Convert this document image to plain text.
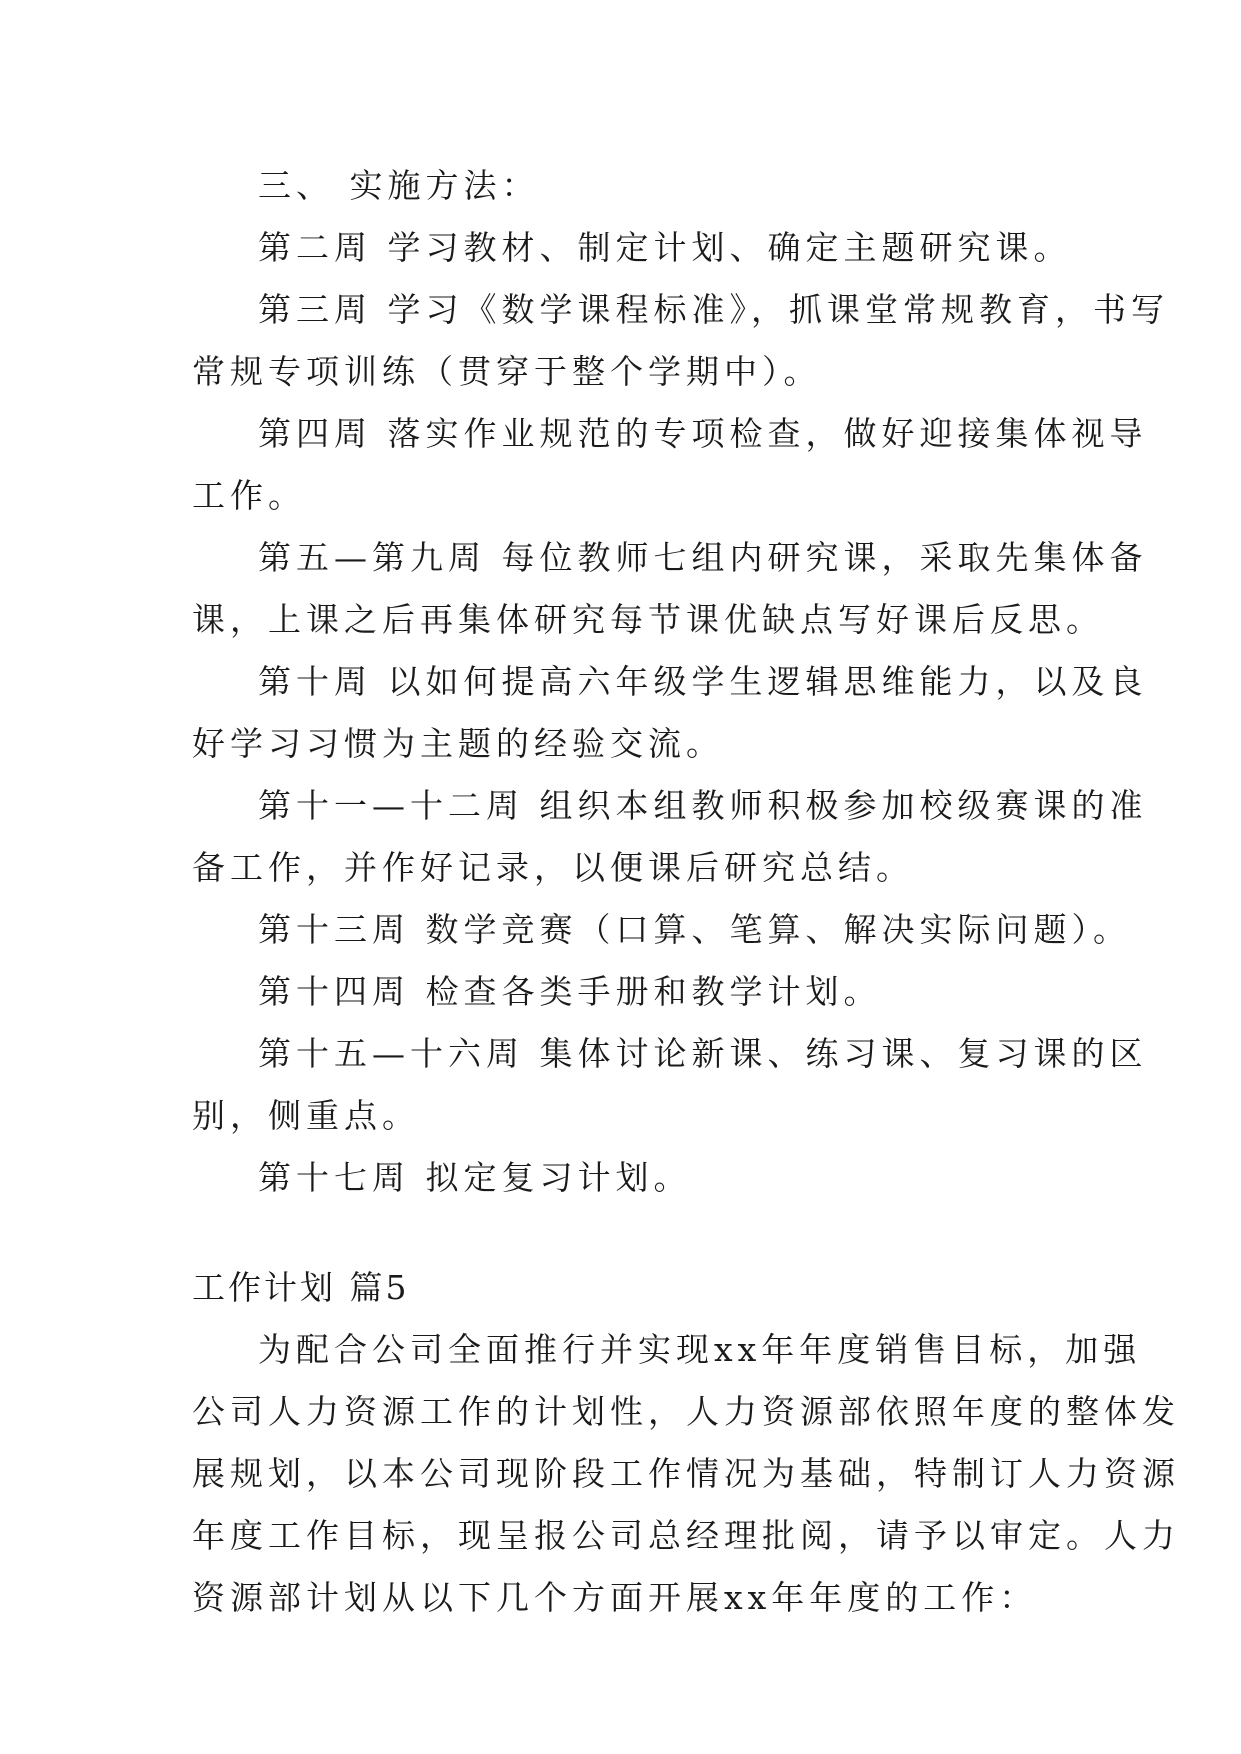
三、 实施方法：
第二周 学习教材、制定计划、确定主题研究课。
第三周 学习《数学课程标准》，抓课堂常规教育，书写
常规专项训练（贯穿于整个学期中）。
第四周 落实作业规范的专项检查，做好迎接集体视导
工作。
第五—第九周 每位教师七组内研究课，采取先集体备
课，上课之后再集体研究每节课优缺点写好课后反思。
第十周 以如何提高六年级学生逻辑思维能力，以及良
好学习习惯为主题的经验交流。
第十一—十二周 组织本组教师积极参加校级赛课的准
备工作，并作好记录，以便课后研究总结。
第十三周 数学竞赛（口算、笔算、解决实际问题）。
第十四周 检查各类手册和教学计划。
第十五—十六周 集体讨论新课、练习课、复习课的区
别，侧重点。
第十七周 拟定复习计划。
工作计划 篇5
为配合公司全面推行并实现xx年年度销售目标，加强
公司人力资源工作的计划性，人力资源部依照年度的整体发
展规划，以本公司现阶段工作情况为基础，特制订人力资源
年度工作目标，现呈报公司总经理批阅，请予以审定。人力
资源部计划从以下几个方面开展xx年年度的工作：
